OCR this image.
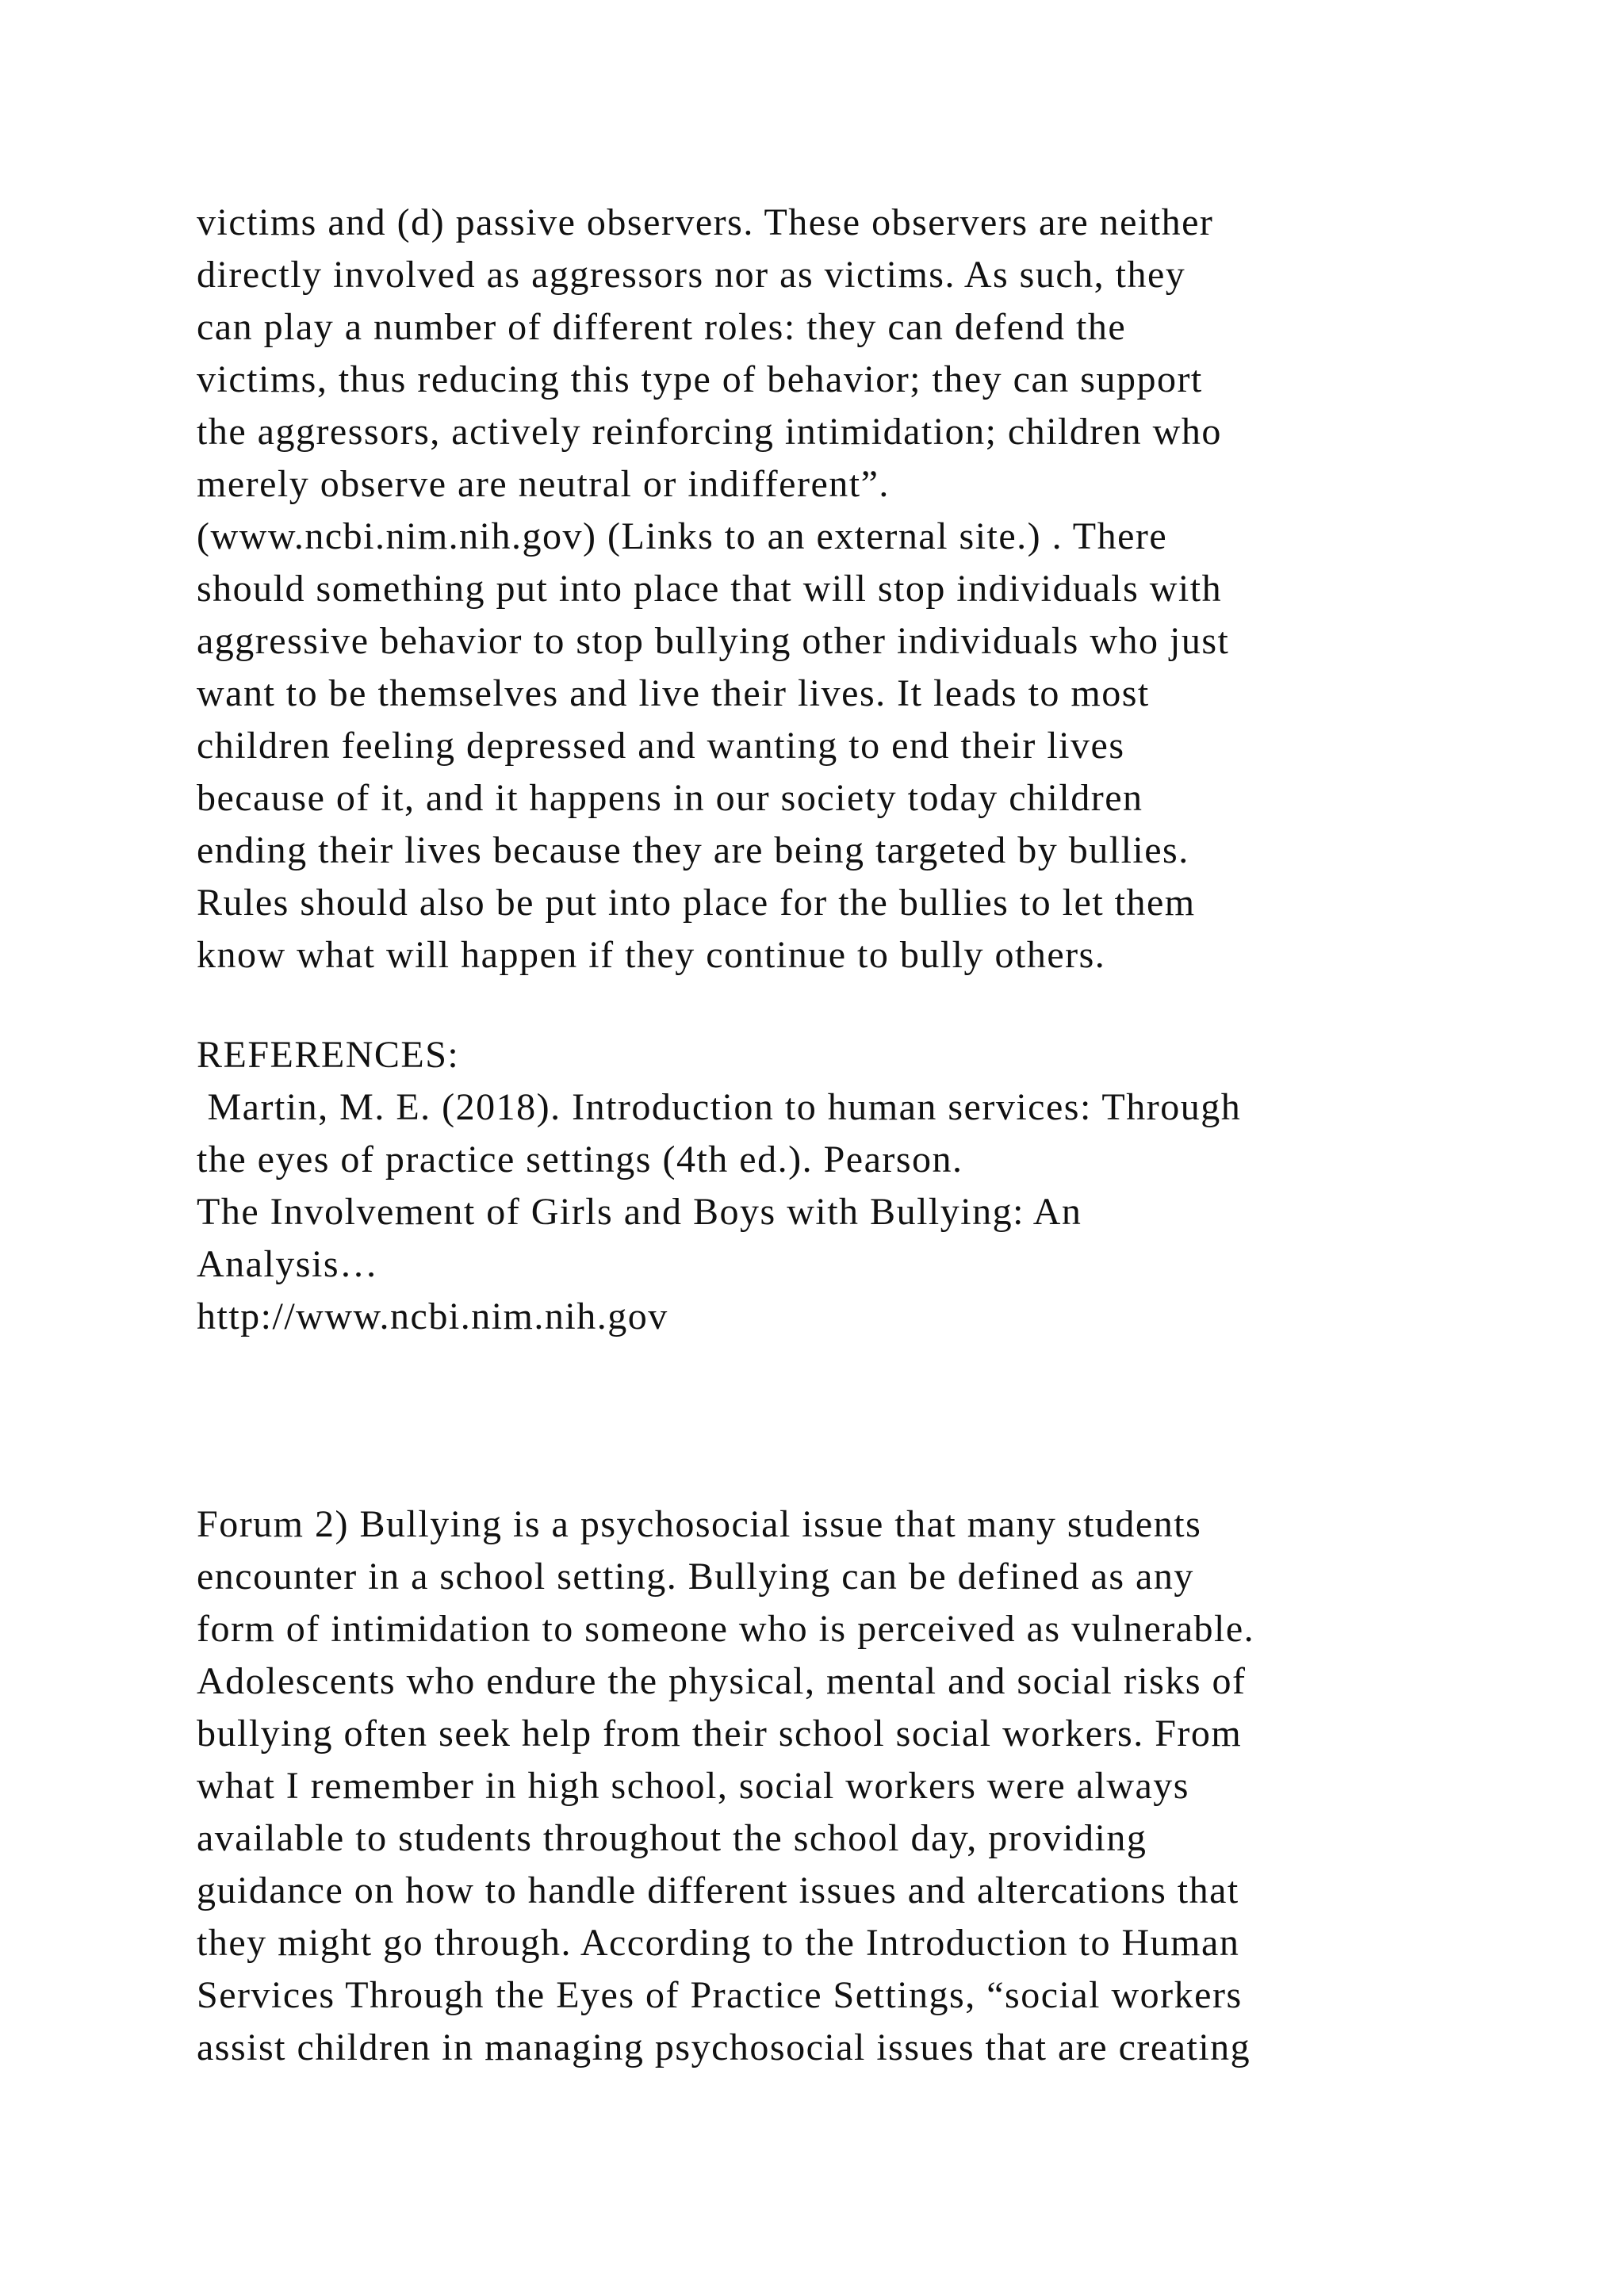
victims and (d) passive observers. These observers are neither
directly involved as aggressors nor as victims. As such, they
can play a number of different roles: they can defend the
victims, thus reducing this type of behavior; they can support
the aggressors, actively reinforcing intimidation; children who
merely observe are neutral or indifferent”.
(www.ncbi.nim.nih.gov) (Links to an external site.) . There
should something put into place that will stop individuals with
aggressive behavior to stop bullying other individuals who just
want to be themselves and live their lives. It leads to most
children feeling depressed and wanting to end their lives
because of it, and it happens in our society today children
ending their lives because they are being targeted by bullies.
Rules should also be put into place for the bullies to let them
know what will happen if they continue to bully others.
REFERENCES:
Martin, M. E. (2018). Introduction to human services: Through
the eyes of practice settings (4th ed.). Pearson.
The Involvement of Girls and Boys with Bullying: An
Analysis…
http://www.ncbi.nim.nih.gov
Forum 2) Bullying is a psychosocial issue that many students
encounter in a school setting. Bullying can be defined as any
form of intimidation to someone who is perceived as vulnerable.
Adolescents who endure the physical, mental and social risks of
bullying often seek help from their school social workers. From
what I remember in high school, social workers were always
available to students throughout the school day, providing
guidance on how to handle different issues and altercations that
they might go through. According to the Introduction to Human
Services Through the Eyes of Practice Settings, “social workers
assist children in managing psychosocial issues that are creating
